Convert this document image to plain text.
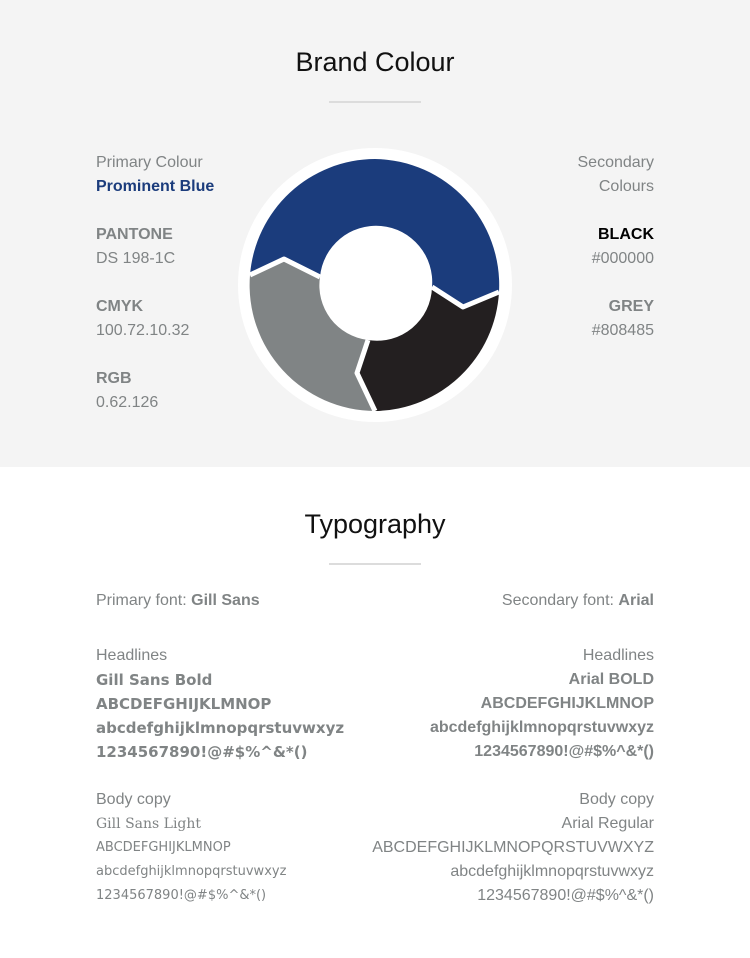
Brand Colour
Primary Colour
Prominent Blue
PANTONE
DS 198-1C
CMYK
100.72.10.32
RGB
0.62.126
Secondary
Colours
BLACK
#000000
GREY
#808485
Typography
Primary font: Gill Sans	Secondary font: Arial
Headlines
Gill Sans Bold
ABCDEFGHIJKLMNOP
abcdefghijklmnopqrstuvwxyz
1234567890!@#$%^&*()
Body copy
Gill Sans Light
ABCDEFGHIJKLMNOP
abcdefghijklmnopqrstuvwxyz
1234567890!@#$%^&*()
Headlines
Arial BOLD
ABCDEFGHIJKLMNOP
abcdefghijklmnopqrstuvwxyz
1234567890!@#$%^&*()
Body copy
Arial Regular
ABCDEFGHIJKLMNOPQRSTUVWXYZ
abcdefghijklmnopqrstuvwxyz
1234567890!@#$%^&*()
